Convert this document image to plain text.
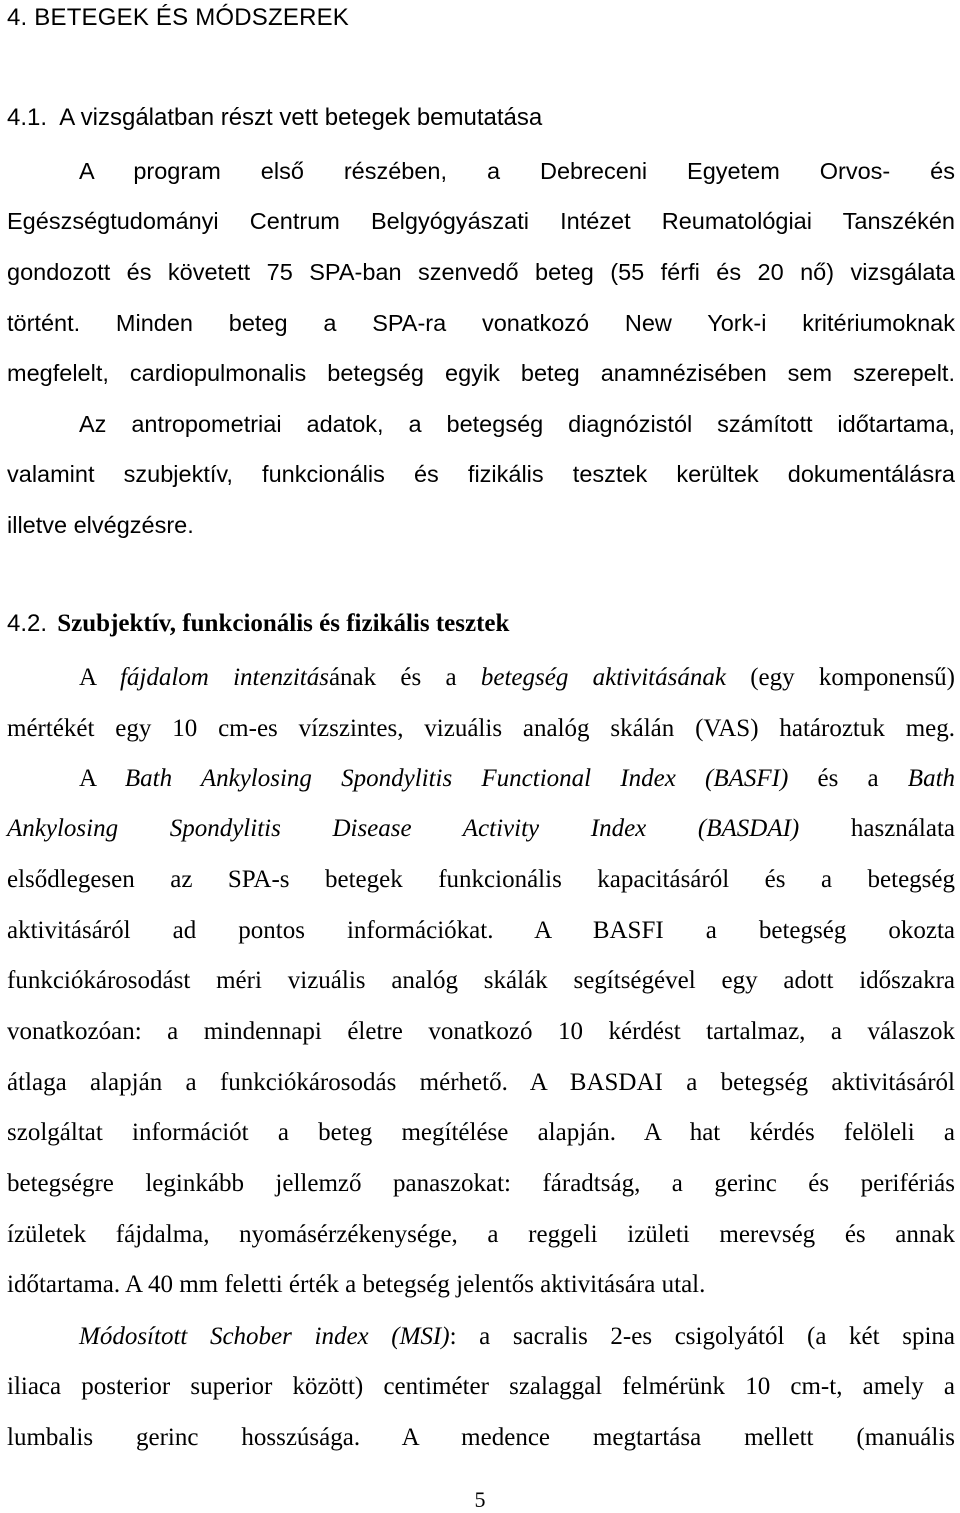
4. BETEGEK ÉS MÓDSZEREK
4.1. A vizsgálatban részt vett betegek bemutatása
A program első részében, a Debreceni Egyetem Orvos- és
Egészségtudományi Centrum Belgyógyászati Intézet Reumatológiai Tanszékén
gondozott és követett 75 SPA-ban szenvedő beteg (55 férfi és 20 nő) vizsgálata
történt. Minden beteg a SPA-ra vonatkozó New York-i kritériumoknak
megfelelt, cardiopulmonalis betegség egyik beteg anamnézisében sem szerepelt.
Az antropometriai adatok, a betegség diagnózistól számított időtartama,
valamint szubjektív, funkcionális és fizikális tesztek kerültek dokumentálásra
illetve elvégzésre.
4.2. Szubjektív, funkcionális és fizikális tesztek
A fájdalom intenzitásának és a betegség aktivitásának (egy komponensű)
mértékét egy 10 cm-es vízszintes, vizuális analóg skálán (VAS) határoztuk meg.
A Bath Ankylosing Spondylitis Functional Index (BASFI) és a Bath
Ankylosing Spondylitis Disease Activity Index (BASDAI) használata
elsődlegesen az SPA-s betegek funkcionális kapacitásáról és a betegség
aktivitásáról ad pontos információkat. A BASFI a betegség okozta
funkciókárosodást méri vizuális analóg skálák segítségével egy adott időszakra
vonatkozóan: a mindennapi életre vonatkozó 10 kérdést tartalmaz, a válaszok
átlaga alapján a funkciókárosodás mérhető. A BASDAI a betegség aktivitásáról
szolgáltat információt a beteg megítélése alapján. A hat kérdés felöleli a
betegségre leginkább jellemző panaszokat: fáradtság, a gerinc és perifériás
ízületek fájdalma, nyomásérzékenysége, a reggeli izületi merevség és annak
időtartama. A 40 mm feletti érték a betegség jelentős aktivitására utal.
Módosított Schober index (MSI): a sacralis 2-es csigolyától (a két spina
iliaca posterior superior között) centiméter szalaggal felmérünk 10 cm-t, amely a
lumbalis gerinc hosszúsága. A medence megtartása mellett (manuális
5
